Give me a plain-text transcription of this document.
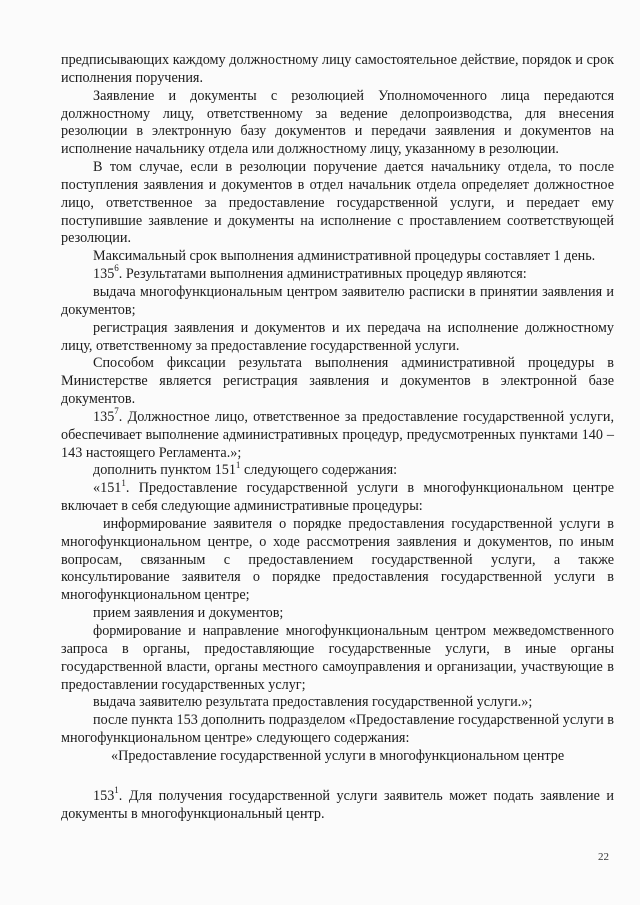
предписывающих каждому должностному лицу самостоятельное действие, порядок и срок исполнения поручения.

Заявление и документы с резолюцией Уполномоченного лица передаются должностному лицу, ответственному за ведение делопроизводства, для внесения резолюции в электронную базу документов и передачи заявления и документов на исполнение начальнику отдела или должностному лицу, указанному в резолюции.

В том случае, если в резолюции поручение дается начальнику отдела, то после поступления заявления и документов в отдел начальник отдела определяет должностное лицо, ответственное за предоставление государственной услуги, и передает ему поступившие заявление и документы на исполнение с проставлением соответствующей резолюции.

Максимальный срок выполнения административной процедуры составляет 1 день.

$135^6$. Результатами выполнения административных процедур являются:

выдача многофункциональным центром заявителю расписки в принятии заявления и документов;

регистрация заявления и документов и их передача на исполнение должностному лицу, ответственному за предоставление государственной услуги.

Способом фиксации результата выполнения административной процедуры в Министерстве является регистрация заявления и документов в электронной базе документов.

$135^7$. Должностное лицо, ответственное за предоставление государственной услуги, обеспечивает выполнение административных процедур, предусмотренных пунктами 140 – 143 настоящего Регламента.»;

дополнить пунктом $151^1$ следующего содержания:

«$151^1$. Предоставление государственной услуги в многофункциональном центре включает в себя следующие административные процедуры:

информирование заявителя о порядке предоставления государственной услуги в многофункциональном центре, о ходе рассмотрения заявления и документов, по иным вопросам, связанным с предоставлением государственной услуги, а также консультирование заявителя о порядке предоставления государственной услуги в многофункциональном центре;

прием заявления и документов;

формирование и направление многофункциональным центром межведомственного запроса в органы, предоставляющие государственные услуги, в иные органы государственной власти, органы местного самоуправления и организации, участвующие в предоставлении государственных услуг;

выдача заявителю результата предоставления государственной услуги.»;

после пункта 153 дополнить подразделом «Предоставление государственной услуги в многофункциональном центре» следующего содержания:

«Предоставление государственной услуги в многофункциональном центре

$153^1$. Для получения государственной услуги заявитель может подать заявление и документы в многофункциональный центр.

22
